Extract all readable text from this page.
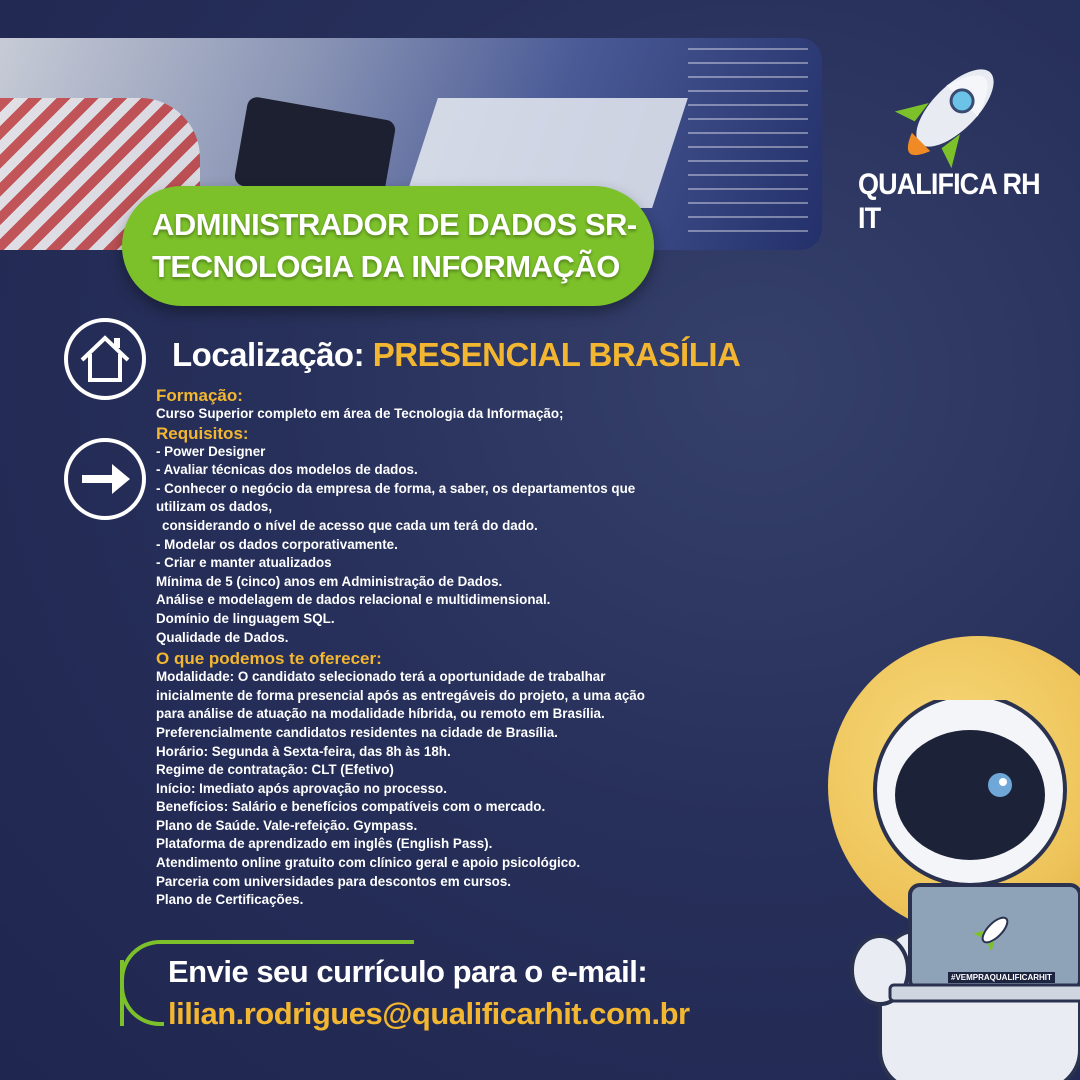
ADMINISTRADOR DE DADOS SR-
TECNOLOGIA DA INFORMAÇÃO
QUALIFICA RH IT
Localização: PRESENCIAL BRASÍLIA
Formação:
Curso Superior completo em área de Tecnologia da Informação;
Requisitos:
- Power Designer
- Avaliar técnicas dos modelos de dados.
- Conhecer o negócio da empresa de forma, a saber, os departamentos que
utilizam os dados,
considerando o nível de acesso que cada um terá do dado.
- Modelar os dados corporativamente.
- Criar e manter atualizados
Mínima de 5 (cinco) anos em Administração de Dados.
Análise e modelagem de dados relacional e multidimensional.
Domínio de linguagem SQL.
Qualidade de Dados.
O que podemos te oferecer:
Modalidade: O candidato selecionado terá a oportunidade de trabalhar
inicialmente de forma presencial após as entregáveis do projeto, a uma ação
para análise de atuação na modalidade híbrida, ou remoto em Brasília.
Preferencialmente candidatos residentes na cidade de Brasília.
Horário: Segunda à Sexta-feira, das 8h às 18h.
Regime de contratação: CLT (Efetivo)
Início: Imediato após aprovação no processo.
Benefícios: Salário e benefícios compatíveis com o mercado.
Plano de Saúde. Vale-refeição. Gympass.
Plataforma de aprendizado em inglês (English Pass).
Atendimento online gratuito com clínico geral e apoio psicológico.
Parceria com universidades para descontos em cursos.
Plano de Certificações.
Envie seu currículo para o e-mail:
lilian.rodrigues@qualificarhit.com.br
#VEMPRAQUALIFICARHIT
